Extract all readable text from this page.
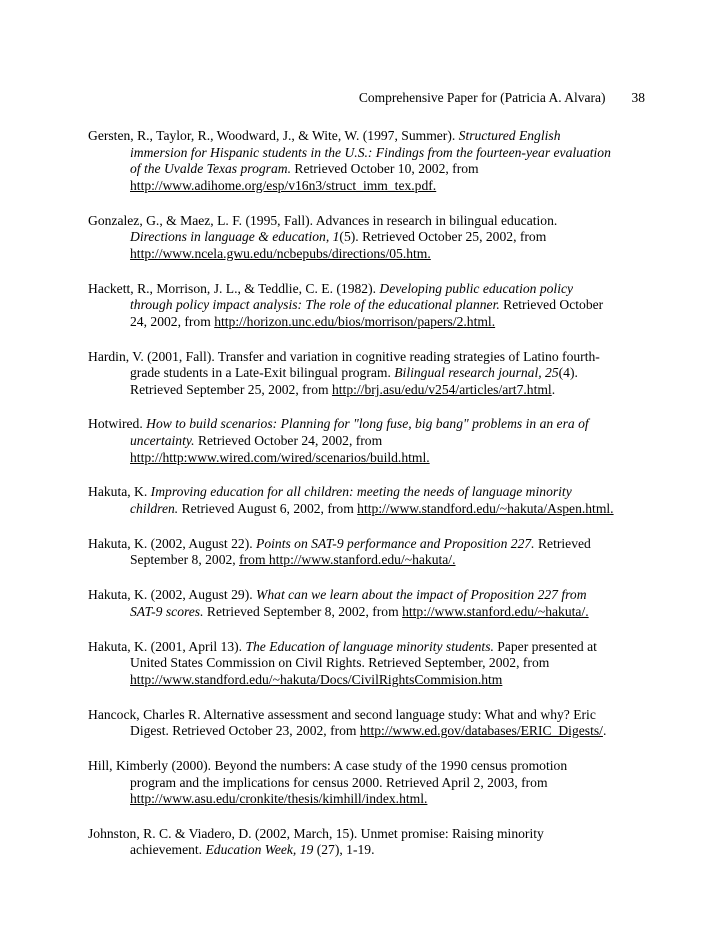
Comprehensive Paper for (Patricia A. Alvara) 38
Gersten, R., Taylor, R., Woodward, J., & Wite, W. (1997, Summer). Structured English
immersion for Hispanic students in the U.S.: Findings from the fourteen-year evaluation
of the Uvalde Texas program. Retrieved October 10, 2002, from
http://www.adihome.org/esp/v16n3/struct_imm_tex.pdf.
Gonzalez, G., & Maez, L. F. (1995, Fall). Advances in research in bilingual education.
Directions in language & education, 1(5). Retrieved October 25, 2002, from
http://www.ncela.gwu.edu/ncbepubs/directions/05.htm.
Hackett, R., Morrison, J. L., & Teddlie, C. E. (1982). Developing public education policy
through policy impact analysis: The role of the educational planner. Retrieved October
24, 2002, from http://horizon.unc.edu/bios/morrison/papers/2.html.
Hardin, V. (2001, Fall). Transfer and variation in cognitive reading strategies of Latino fourth-
grade students in a Late-Exit bilingual program. Bilingual research journal, 25(4).
Retrieved September 25, 2002, from http://brj.asu/edu/v254/articles/art7.html.
Hotwired. How to build scenarios: Planning for "long fuse, big bang" problems in an era of
uncertainty. Retrieved October 24, 2002, from
http://http:www.wired.com/wired/scenarios/build.html.
Hakuta, K. Improving education for all children: meeting the needs of language minority
children. Retrieved August 6, 2002, from http://www.standford.edu/~hakuta/Aspen.html.
Hakuta, K. (2002, August 22). Points on SAT-9 performance and Proposition 227. Retrieved
September 8, 2002, from http://www.stanford.edu/~hakuta/.
Hakuta, K. (2002, August 29). What can we learn about the impact of Proposition 227 from
SAT-9 scores. Retrieved September 8, 2002, from http://www.stanford.edu/~hakuta/.
Hakuta, K. (2001, April 13). The Education of language minority students. Paper presented at
United States Commission on Civil Rights. Retrieved September, 2002, from
http://www.standford.edu/~hakuta/Docs/CivilRightsCommision.htm
Hancock, Charles R. Alternative assessment and second language study: What and why? Eric
Digest. Retrieved October 23, 2002, from http://www.ed.gov/databases/ERIC_Digests/.
Hill, Kimberly (2000). Beyond the numbers: A case study of the 1990 census promotion
program and the implications for census 2000. Retrieved April 2, 2003, from
http://www.asu.edu/cronkite/thesis/kimhill/index.html.
Johnston, R. C. & Viadero, D. (2002, March, 15). Unmet promise: Raising minority
achievement. Education Week, 19 (27), 1-19.
